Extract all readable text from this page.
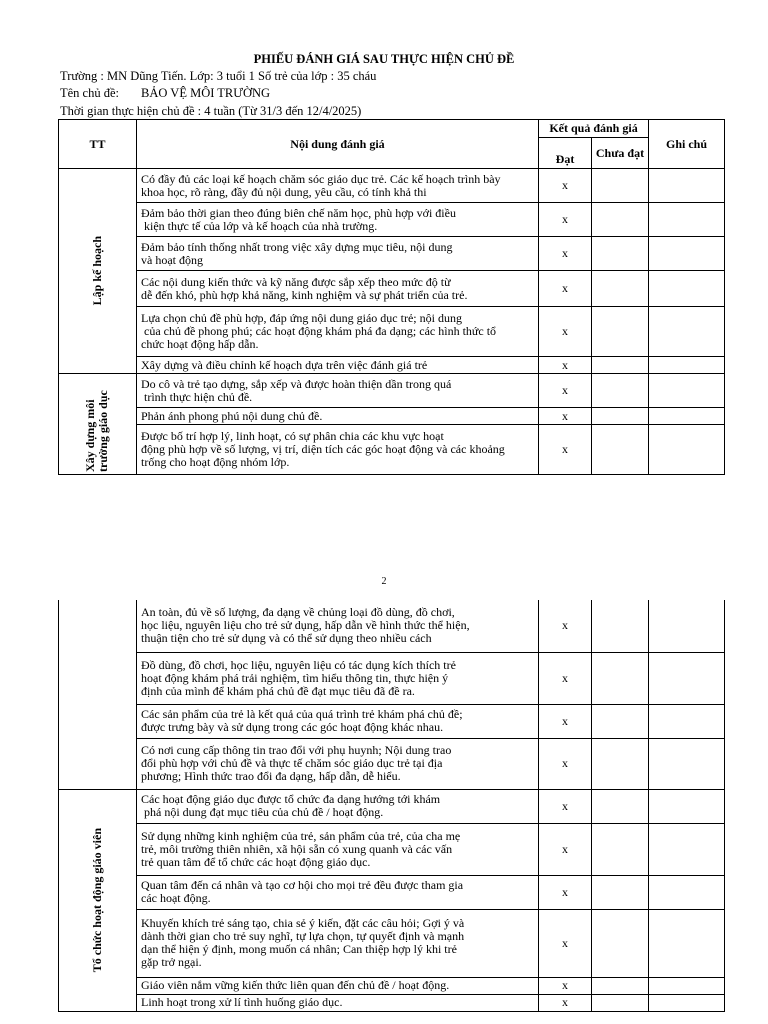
PHIẾU ĐÁNH GIÁ SAU THỰC HIỆN CHỦ ĐỀ
Trường : MN Dũng Tiến. Lớp: 3 tuổi 1 Số trẻ của lớp : 35 cháu
Tên chủ đề: BẢO VỆ MÔI TRƯỜNG
Thời gian thực hiện chủ đề : 4 tuần (Từ 31/3 đến 12/4/2025)
TT	Nội dung đánh giá	Kết quả đánh giá		Ghi chú
		Đạt	Chưa đạt	

Lập kế hoạch	Có đầy đủ các loại kế hoạch chăm sóc giáo dục trẻ. Các kế hoạch trình bày
khoa học, rõ ràng, đầy đủ nội dung, yêu cầu, có tính khả thi	x		

	Đảm bảo thời gian theo đúng biên chế năm học, phù hợp với điều
kiện thực tế của lớp và kế hoạch của nhà trường.	x		

	Đảm bảo tính thống nhất trong việc xây dựng mục tiêu, nội dung
và hoạt động	x		

	Các nội dung kiến thức và kỹ năng được sắp xếp theo mức độ từ
dễ đến khó, phù hợp khả năng, kinh nghiệm và sự phát triển của trẻ.	x		

	Lựa chọn chủ đề phù hợp, đáp ứng nội dung giáo dục trẻ; nội dung
của chủ đề phong phú; các hoạt động khám phá đa dạng; các hình thức tổ
chức hoạt động hấp dẫn.	x		

	Xây dựng và điều chỉnh kế hoạch dựa trên việc đánh giá trẻ	x		

Xây dựng môi trường giáo dục	Do cô và trẻ tạo dựng, sắp xếp và được hoàn thiện dần trong quá
trình thực hiện chủ đề.	x		

	Phản ánh phong phú nội dung chủ đề.	x		

	Được bố trí hợp lý, linh hoạt, có sự phân chia các khu vực hoạt
động phù hợp về số lượng, vị trí, diện tích các góc hoạt động và các khoảng
trống cho hoạt động nhóm lớp.	x		
2

	An toàn, đủ về số lượng, đa dạng về chủng loại đồ dùng, đồ chơi,
học liệu, nguyên liệu cho trẻ sử dụng, hấp dẫn về hình thức thể hiện,
thuận tiện cho trẻ sử dụng và có thể sử dụng theo nhiều cách	x		

	Đồ dùng, đồ chơi, học liệu, nguyên liệu có tác dụng kích thích trẻ
hoạt động khám phá trải nghiệm, tìm hiểu thông tin, thực hiện ý
định của mình để khám phá chủ đề đạt mục tiêu đã đề ra.	x		

	Các sản phẩm của trẻ là kết quả của quá trình trẻ khám phá chủ đề;
được trưng bày và sử dụng trong các góc hoạt động khác nhau.	x		

	Có nơi cung cấp thông tin trao đổi với phụ huynh; Nội dung trao
đổi phù hợp với chủ đề và thực tế chăm sóc giáo dục trẻ tại địa
phương; Hình thức trao đổi đa dạng, hấp dẫn, dễ hiểu.	x		

Tổ chức hoạt động giáo viên	Các hoạt động giáo dục được tổ chức đa dạng hướng tới khám
phá nội dung đạt mục tiêu của chủ đề / hoạt động.	x		

	Sử dụng những kinh nghiệm của trẻ, sản phẩm của trẻ, của cha mẹ
trẻ, môi trường thiên nhiên, xã hội sẵn có xung quanh và các vấn
trẻ quan tâm để tổ chức các hoạt động giáo dục.	x		

	Quan tâm đến cá nhân và tạo cơ hội cho mọi trẻ đều được tham gia
các hoạt động.	x		

	Khuyến khích trẻ sáng tạo, chia sẻ ý kiến, đặt các câu hỏi; Gợi ý và
dành thời gian cho trẻ suy nghĩ, tự lựa chọn, tự quyết định và mạnh
dạn thể hiện ý định, mong muốn cá nhân; Can thiệp hợp lý khi trẻ
gặp trở ngại.	x		

	Giáo viên nắm vững kiến thức liên quan đến chủ đề / hoạt động.	x		

	Linh hoạt trong xử lí tình huống giáo dục.	x		
